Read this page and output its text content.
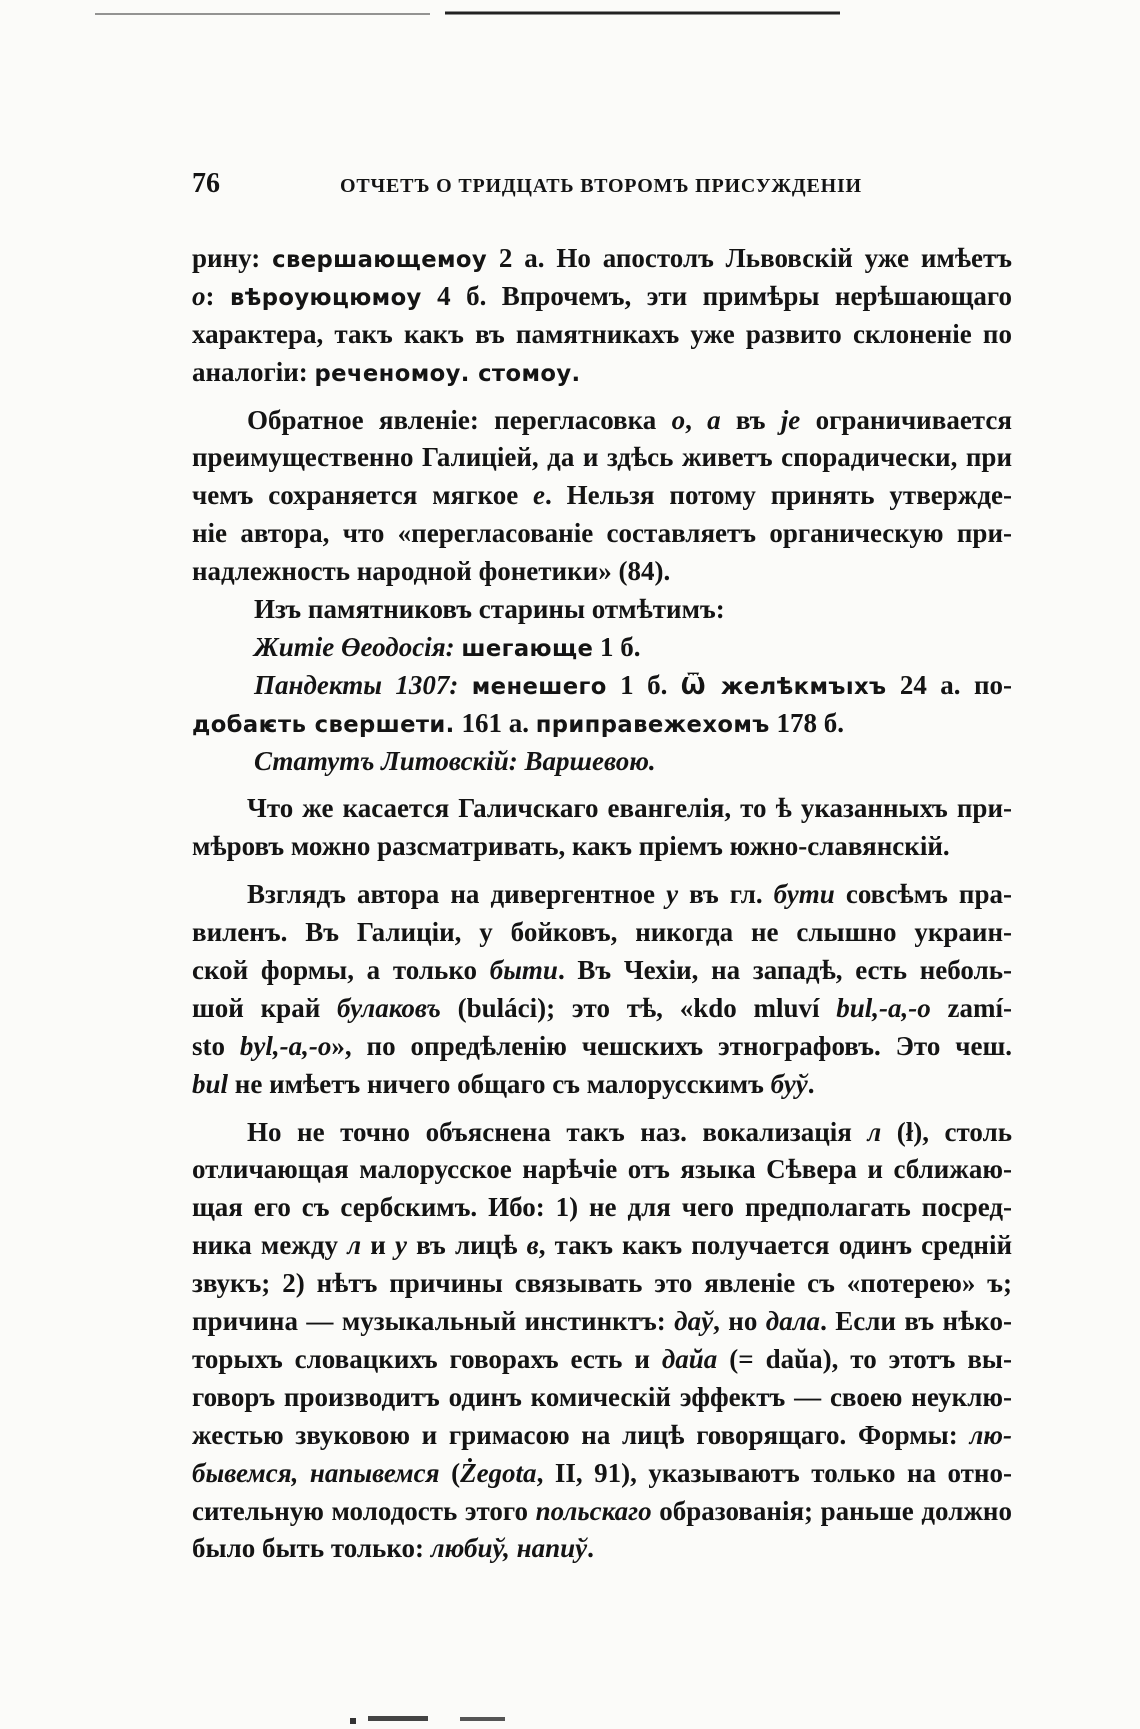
76	ОТЧЕТЪ О ТРИДЦАТЬ ВТОРОМЪ ПРИСУЖДЕНІИ
рину: свершающемоу 2 а. Но апостолъ Львовскій уже имѣетъ
о: вѣроуюцюмоу 4 б. Впрочемъ, эти примѣры нерѣшающаго
характера, такъ какъ въ памятникахъ уже развито склоненіе по
аналогіи: реченомоу. стомоу.
Обратное явленіе: перегласовка о, а въ je ограничивается
преимущественно Галиціей, да и здѣсь живетъ спорадически, при
чемъ сохраняется мягкое е. Нельзя потому принять утвержде-
ніе автора, что «перегласованіе составляетъ органическую при-
надлежность народной фонетики» (84).
Изъ памятниковъ старины отмѣтимъ:
Житіе Өеодосія: шегающе 1 б.
Пандекты 1307: менешего 1 б. Ѿ желѣкмъıхъ 24 а. по-
добаѥть свершети. 161 а. приправежехомъ 178 б.
Статутъ Литовскій: Варшевою.
Что же касается Галичскаго евангелія, то ѣ указанныхъ при-
мѣровъ можно разсматривать, какъ пріемъ южно-славянскій.
Взглядъ автора на дивергентное у въ гл. бути совсѣмъ пра-
виленъ. Въ Галиціи, у бойковъ, никогда не слышно украин-
ской формы, а только быти. Въ Чехіи, на западѣ, есть неболь-
шой край булаковъ (bulácі); это тѣ, «kdo mluví bul,-a,-o zamí-
sto byl,-a,-o», по опредѣленію чешскихъ этнографовъ. Это чеш.
bul не имѣетъ ничего общаго съ малорусскимъ буў.
Но не точно объяснена такъ наз. вокализація л (ł), столь
отличающая малорусское нарѣчіе отъ языка Сѣвера и сближаю-
щая его съ сербскимъ. Ибо: 1) не для чего предполагать посред-
ника между л и у въ лицѣ в, такъ какъ получается одинъ средній
звукъ; 2) нѣтъ причины связывать это явленіе съ «потерею» ъ;
причина — музыкальный инстинктъ: даў, но дала. Если въ нѣко-
торыхъ словацкихъ говорахъ есть и даŭа (= daŭa), то этотъ вы-
говоръ производитъ одинъ комическій эффектъ — своею неуклю-
жестью звуковою и гримасою на лицѣ говорящаго. Формы: лю-
бывемся, напывемся (Żegota, II, 91), указываютъ только на отно-
сительную молодость этого польскаго образованія; раньше должно
было быть только: любиў, напиў.
